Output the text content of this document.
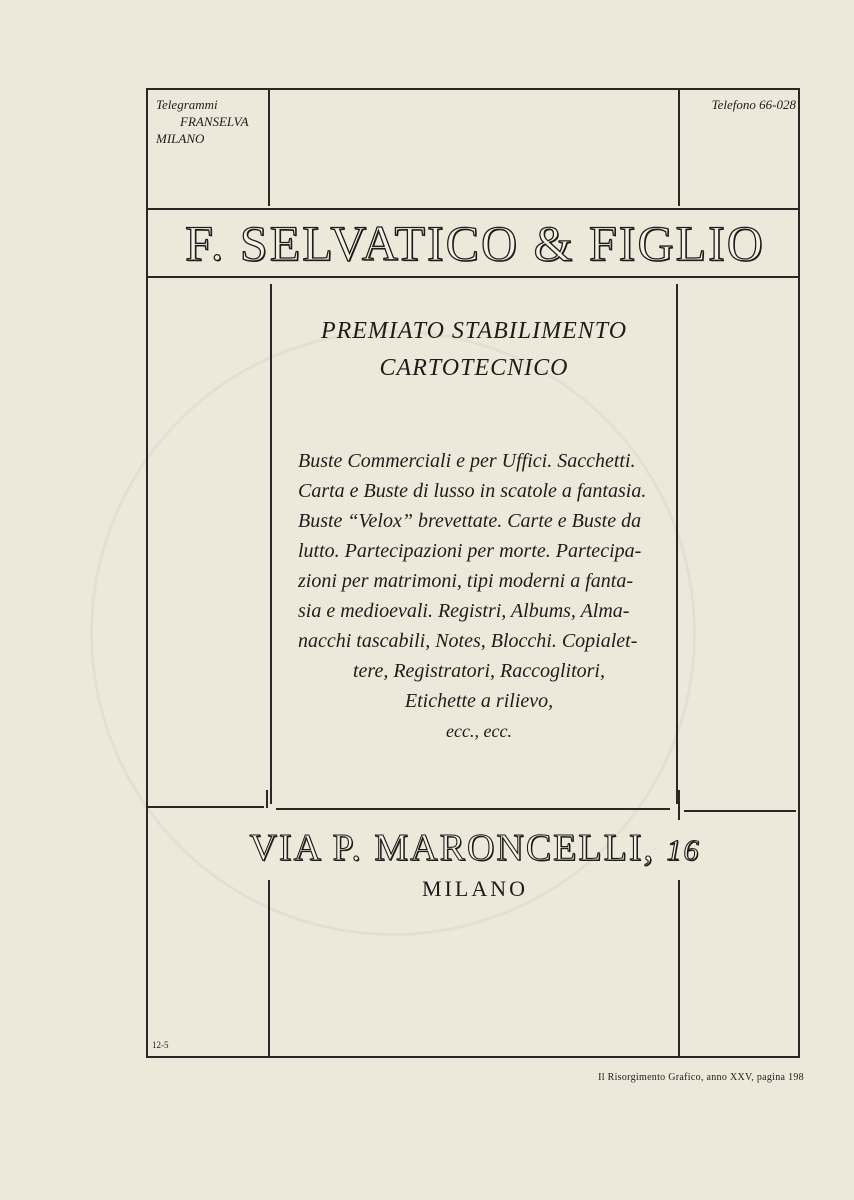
Telegrammi
FRANSELVA
MILANO
Telefono 66-028
F. SELVATICO & FIGLIO
PREMIATO STABILIMENTO
CARTOTECNICO
Buste Commerciali e per Uffici. Sacchetti.
Carta e Buste di lusso in scatole a fantasia.
Buste “Velox” brevettate. Carte e Buste da
lutto. Partecipazioni per morte. Partecipa-
zioni per matrimoni, tipi moderni a fanta-
sia e medioevali. Registri, Albums, Alma-
nacchi tascabili, Notes, Blocchi. Copialet-
tere, Registratori, Raccoglitori,
Etichette a rilievo,
ecc., ecc.
VIA P. MARONCELLI, 16
MILANO
12-5
Il Risorgimento Grafico, anno XXV, pagina 198
